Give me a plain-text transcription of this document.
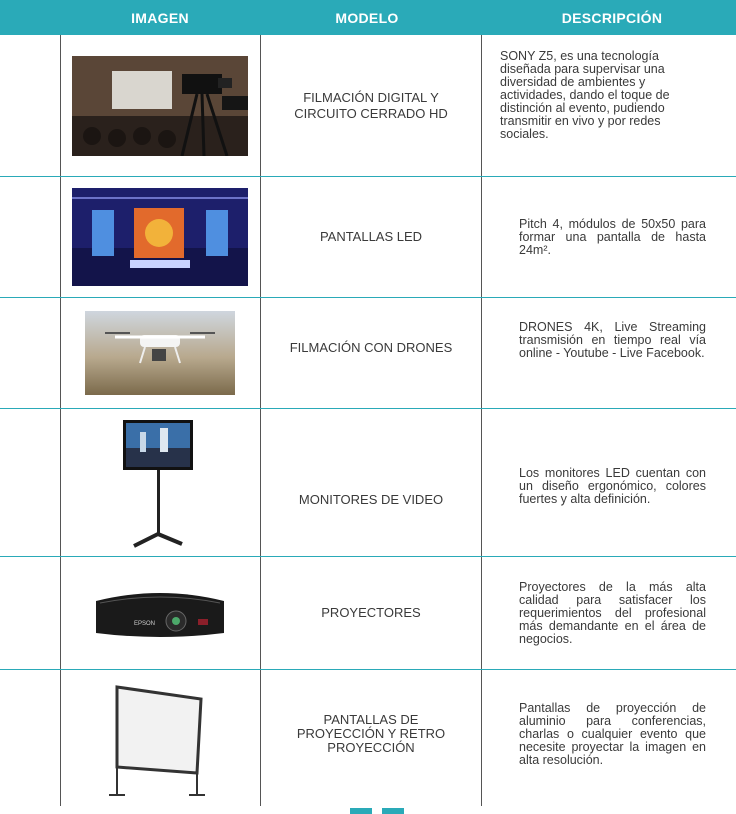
IMAGEN	MODELO	DESCRIPCIÓN
FILMACIÓN DIGITAL Y CIRCUITO CERRADO HD
SONY Z5, es una tecnología diseñada para supervisar una diversidad de ambientes y actividades, dando el toque de distinción al evento, pudiendo transmitir en vivo y por redes sociales.
PANTALLAS LED
Pitch 4, módulos de 50x50 para formar una pantalla de hasta 24m².
FILMACIÓN CON DRONES
DRONES 4K, Live Streaming transmisión en tiempo real vía online - Youtube - Live Facebook.
MONITORES DE VIDEO
Los monitores LED cuentan con un diseño ergonómico, colores fuertes y alta definición.
EPSON
PROYECTORES
Proyectores de la más alta calidad para satisfacer los requerimientos del profesional más demandante en el área de negocios.
PANTALLAS DE PROYECCIÓN Y RETRO PROYECCIÓN
Pantallas de proyección de aluminio para conferencias, charlas o cualquier evento que necesite proyectar la imagen en alta resolución.
